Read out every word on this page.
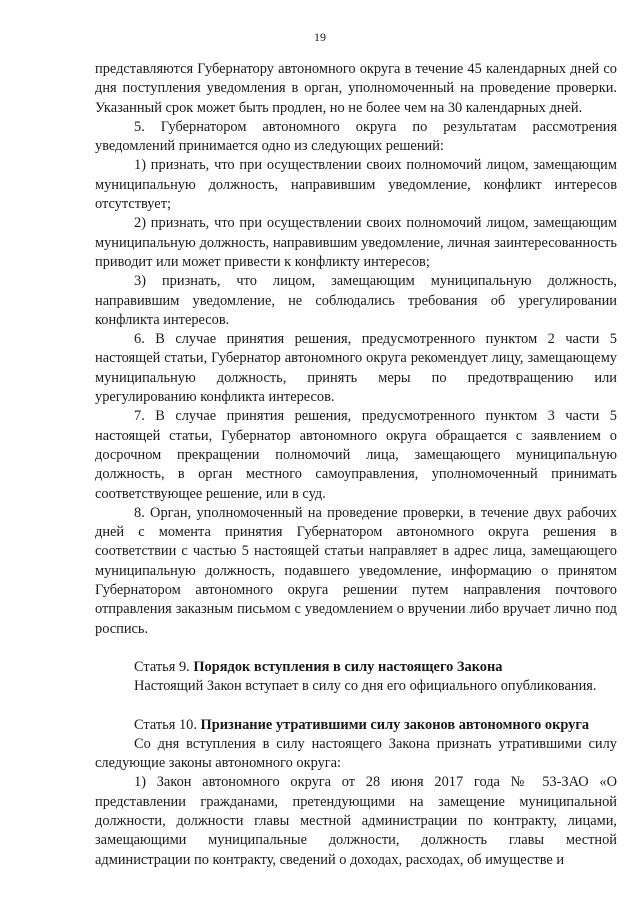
19

представляются Губернатору автономного округа в течение 45 календарных дней со дня поступления уведомления в орган, уполномоченный на проведение проверки. Указанный срок может быть продлен, но не более чем на 30 календарных дней.

5. Губернатором автономного округа по результатам рассмотрения уведомлений принимается одно из следующих решений:

1) признать, что при осуществлении своих полномочий лицом, замещающим муниципальную должность, направившим уведомление, конфликт интересов отсутствует;

2) признать, что при осуществлении своих полномочий лицом, замещающим муниципальную должность, направившим уведомление, личная заинтересованность приводит или может привести к конфликту интересов;

3) признать, что лицом, замещающим муниципальную должность, направившим уведомление, не соблюдались требования об урегулировании конфликта интересов.

6. В случае принятия решения, предусмотренного пунктом 2 части 5 настоящей статьи, Губернатор автономного округа рекомендует лицу, замещающему муниципальную должность, принять меры по предотвращению или урегулированию конфликта интересов.

7. В случае принятия решения, предусмотренного пунктом 3 части 5 настоящей статьи, Губернатор автономного округа обращается с заявлением о досрочном прекращении полномочий лица, замещающего муниципальную должность, в орган местного самоуправления, уполномоченный принимать соответствующее решение, или в суд.

8. Орган, уполномоченный на проведение проверки, в течение двух рабочих дней с момента принятия Губернатором автономного округа решения в соответствии с частью 5 настоящей статьи направляет в адрес лица, замещающего муниципальную должность, подавшего уведомление, информацию о принятом Губернатором автономного округа решении путем направления почтового отправления заказным письмом с уведомлением о вручении либо вручает лично под роспись.

Статья 9. Порядок вступления в силу настоящего Закона

Настоящий Закон вступает в силу со дня его официального опубликования.

Статья 10. Признание утратившими силу законов автономного округа

Со дня вступления в силу настоящего Закона признать утратившими силу следующие законы автономного округа:

1) Закон автономного округа от 28 июня 2017 года № 53-ЗАО «О представлении гражданами, претендующими на замещение муниципальной должности, должности главы местной администрации по контракту, лицами, замещающими муниципальные должности, должность главы местной администрации по контракту, сведений о доходах, расходах, об имуществе и
